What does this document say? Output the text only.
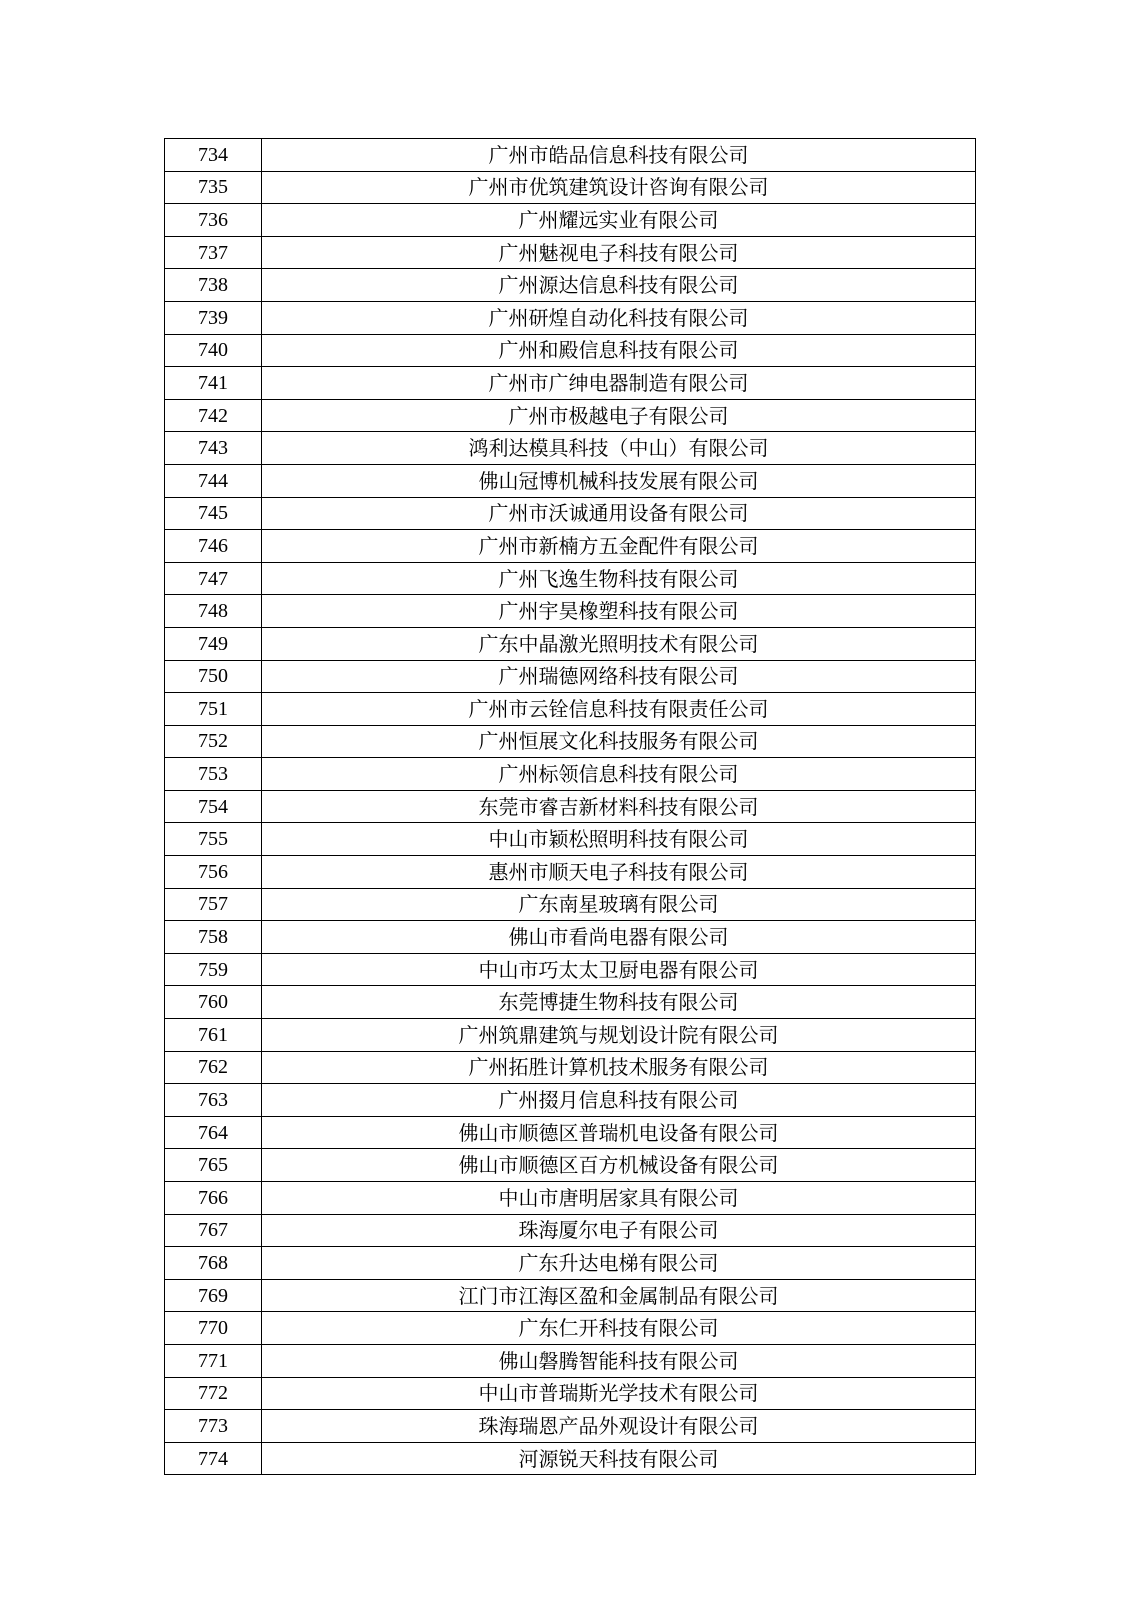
734	广州市皓品信息科技有限公司
735	广州市优筑建筑设计咨询有限公司
736	广州耀远实业有限公司
737	广州魅视电子科技有限公司
738	广州源达信息科技有限公司
739	广州研煌自动化科技有限公司
740	广州和殿信息科技有限公司
741	广州市广绅电器制造有限公司
742	广州市极越电子有限公司
743	鸿利达模具科技（中山）有限公司
744	佛山冠博机械科技发展有限公司
745	广州市沃诚通用设备有限公司
746	广州市新楠方五金配件有限公司
747	广州飞逸生物科技有限公司
748	广州宇昊橡塑科技有限公司
749	广东中晶激光照明技术有限公司
750	广州瑞德网络科技有限公司
751	广州市云铨信息科技有限责任公司
752	广州恒展文化科技服务有限公司
753	广州标领信息科技有限公司
754	东莞市睿吉新材料科技有限公司
755	中山市颖松照明科技有限公司
756	惠州市顺天电子科技有限公司
757	广东南星玻璃有限公司
758	佛山市看尚电器有限公司
759	中山市巧太太卫厨电器有限公司
760	东莞博捷生物科技有限公司
761	广州筑鼎建筑与规划设计院有限公司
762	广州拓胜计算机技术服务有限公司
763	广州掇月信息科技有限公司
764	佛山市顺德区普瑞机电设备有限公司
765	佛山市顺德区百方机械设备有限公司
766	中山市唐明居家具有限公司
767	珠海厦尔电子有限公司
768	广东升达电梯有限公司
769	江门市江海区盈和金属制品有限公司
770	广东仁开科技有限公司
771	佛山磐腾智能科技有限公司
772	中山市普瑞斯光学技术有限公司
773	珠海瑞恩产品外观设计有限公司
774	河源锐天科技有限公司
